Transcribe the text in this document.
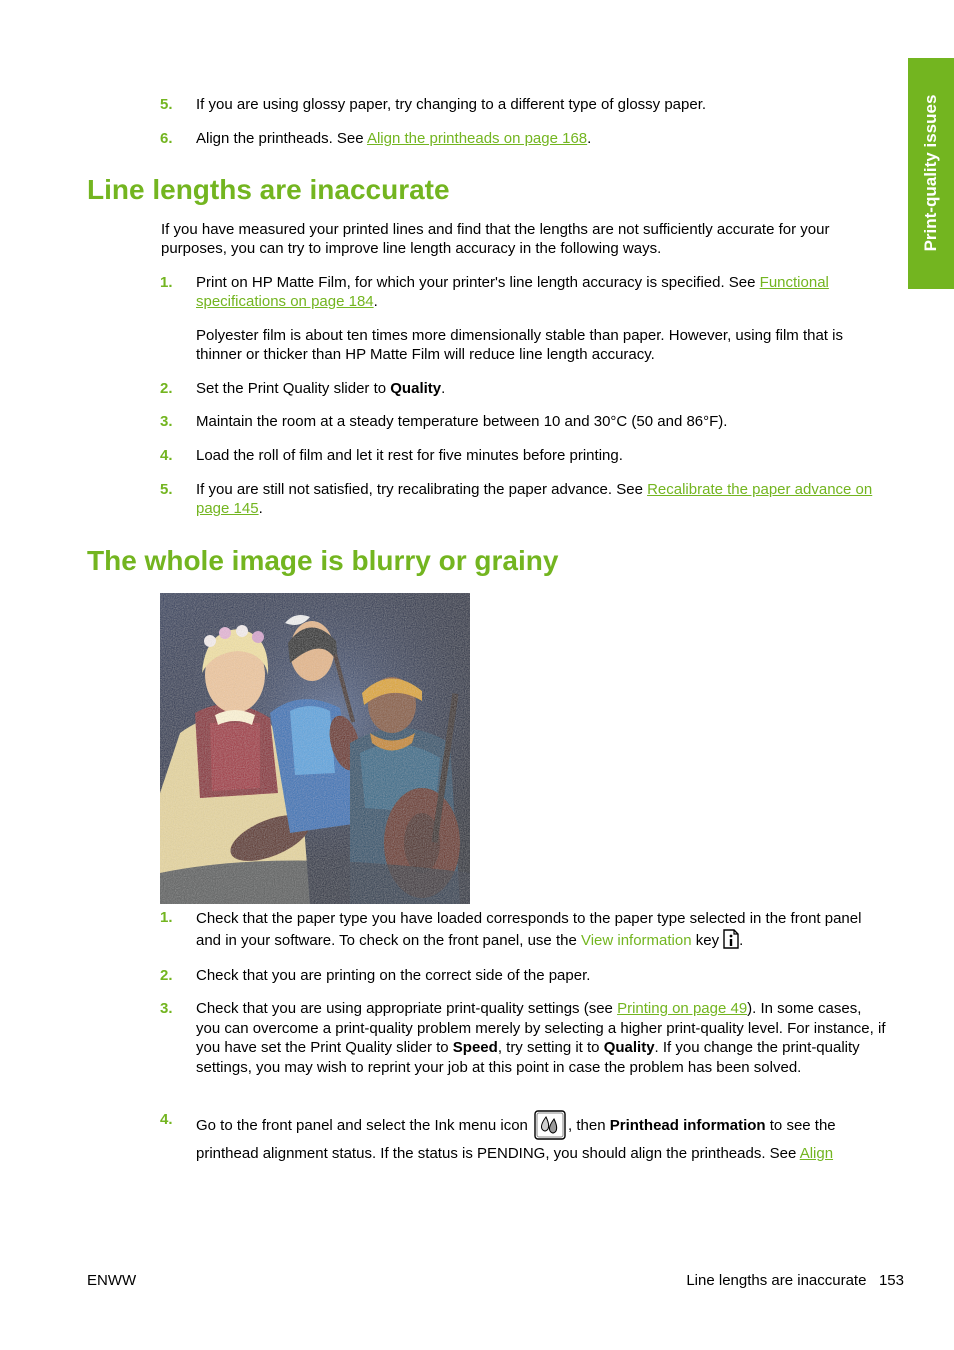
Print-quality issues
5. If you are using glossy paper, try changing to a different type of glossy paper.
6. Align the printheads. See Align the printheads on page 168.
Line lengths are inaccurate
If you have measured your printed lines and find that the lengths are not sufficiently accurate for your purposes, you can try to improve line length accuracy in the following ways.
1. Print on HP Matte Film, for which your printer's line length accuracy is specified. See Functional specifications on page 184.
Polyester film is about ten times more dimensionally stable than paper. However, using film that is thinner or thicker than HP Matte Film will reduce line length accuracy.
2. Set the Print Quality slider to Quality.
3. Maintain the room at a steady temperature between 10 and 30°C (50 and 86°F).
4. Load the roll of film and let it rest for five minutes before printing.
5. If you are still not satisfied, try recalibrating the paper advance. See Recalibrate the paper advance on page 145.
The whole image is blurry or grainy
1. Check that the paper type you have loaded corresponds to the paper type selected in the front panel and in your software. To check on the front panel, use the View information key .
2. Check that you are printing on the correct side of the paper.
3. Check that you are using appropriate print-quality settings (see Printing on page 49). In some cases, you can overcome a print-quality problem merely by selecting a higher print-quality level. For instance, if you have set the Print Quality slider to Speed, try setting it to Quality. If you change the print-quality settings, you may wish to reprint your job at this point in case the problem has been solved.
4. Go to the front panel and select the Ink menu icon , then Printhead information to see the printhead alignment status. If the status is PENDING, you should align the printheads. See Align
ENWW	Line lengths are inaccurate 153
